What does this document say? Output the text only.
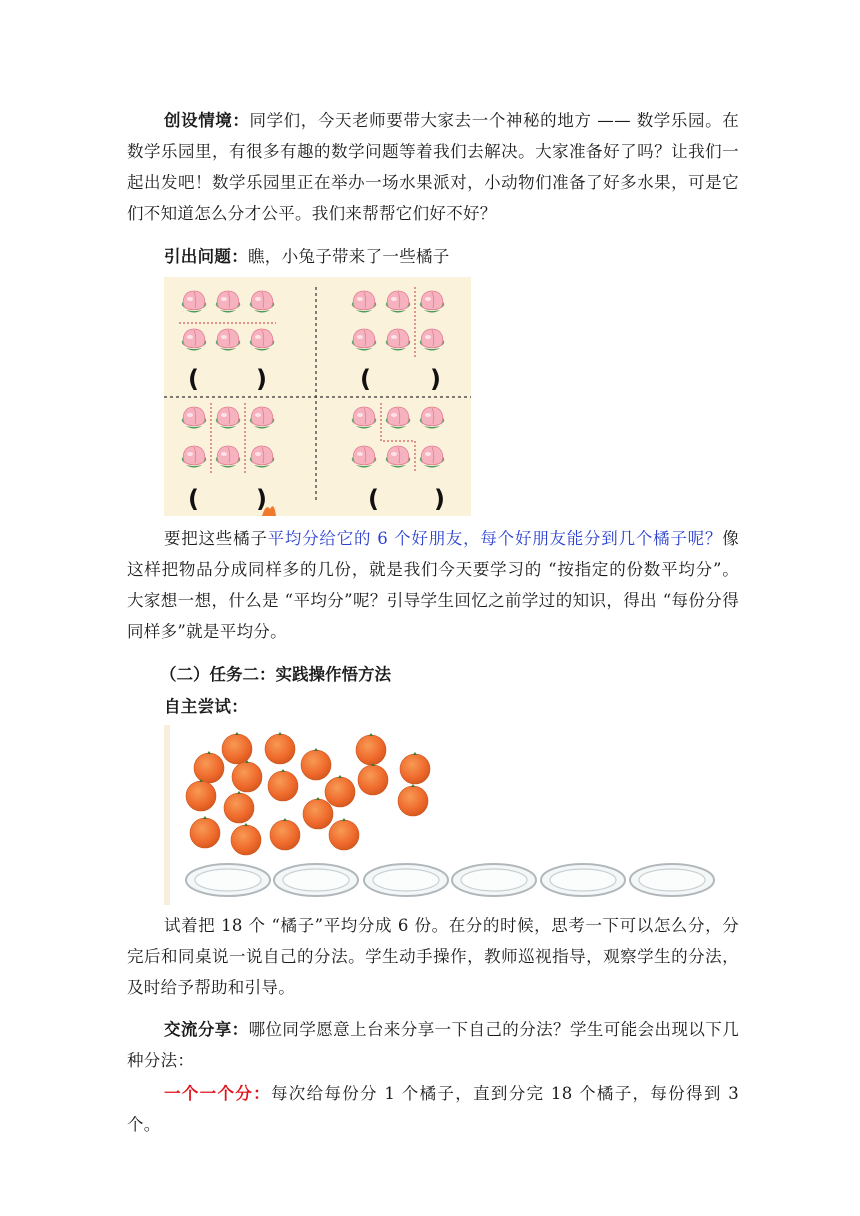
创设情境：同学们，今天老师要带大家去一个神秘的地方 —— 数学乐园。在数学乐园里，有很多有趣的数学问题等着我们去解决。大家准备好了吗？让我们一起出发吧！数学乐园里正在举办一场水果派对，小动物们准备了好多水果，可是它们不知道怎么分才公平。我们来帮帮它们好不好？

引出问题：瞧，小兔子带来了一些橘子

( )	( )
( )	( )

要把这些橘子平均分给它的 6 个好朋友，每个好朋友能分到几个橘子呢？像这样把物品分成同样多的几份，就是我们今天要学习的 “按指定的份数平均分”。 大家想一想，什么是 “平均分”呢？引导学生回忆之前学过的知识，得出 “每份分得同样多”就是平均分。

（二）任务二：实践操作悟方法

自主尝试：

试着把 18 个 “橘子”平均分成 6 份。在分的时候，思考一下可以怎么分，分完后和同桌说一说自己的分法。学生动手操作，教师巡视指导，观察学生的分法，及时给予帮助和引导。

交流分享：哪位同学愿意上台来分享一下自己的分法？学生可能会出现以下几种分法：

一个一个分：每次给每份分 1 个橘子，直到分完 18 个橘子，每份得到 3 个。
